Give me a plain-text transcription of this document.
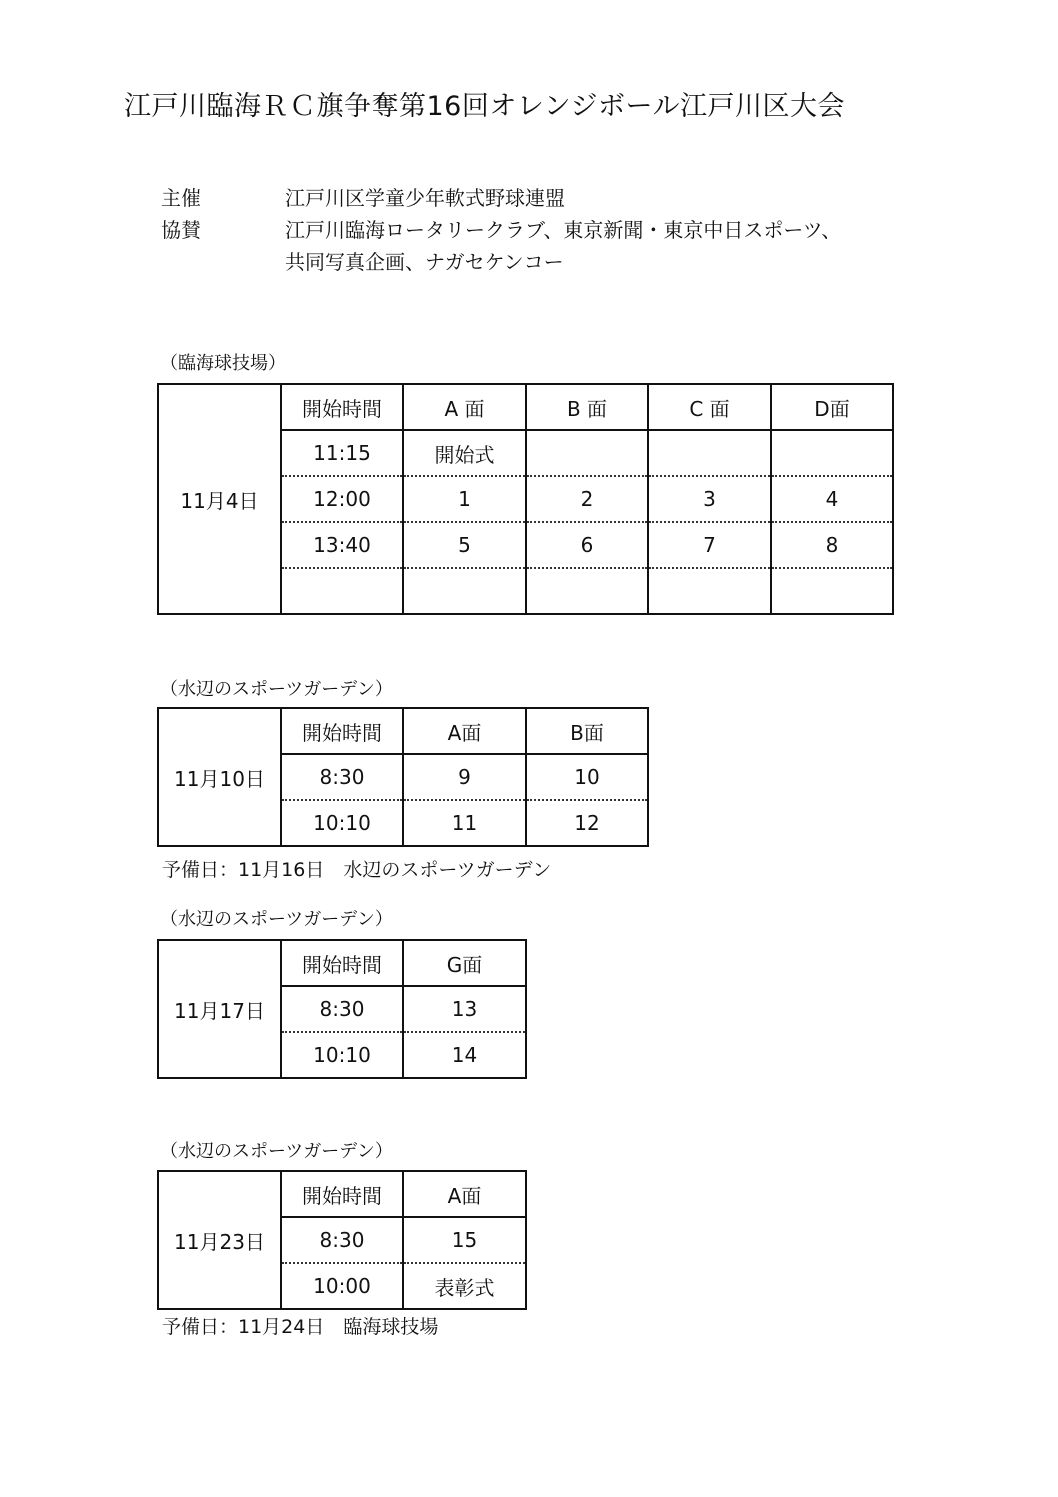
江戸川臨海ＲＣ旗争奪第16回オレンジボール江戸川区大会
主催	江戸川区学童少年軟式野球連盟
協賛	江戸川臨海ロータリークラブ、東京新聞・東京中日スポーツ、
共同写真企画、ナガセケンコー
（臨海球技場）
11月4日	開始時間	A 面	B 面	C 面	D面
	11:15	開始式			
	12:00	1	2	3	4
	13:40	5	6	7	8

（水辺のスポーツガーデン）
11月10日	開始時間	A面	B面
	8:30	9	10
	10:10	11	12
予備日：11月16日　水辺のスポーツガーデン
（水辺のスポーツガーデン）
11月17日	開始時間	G面
	8:30	13
	10:10	14
（水辺のスポーツガーデン）
11月23日	開始時間	A面
	8:30	15
	10:00	表彰式
予備日：11月24日　臨海球技場
